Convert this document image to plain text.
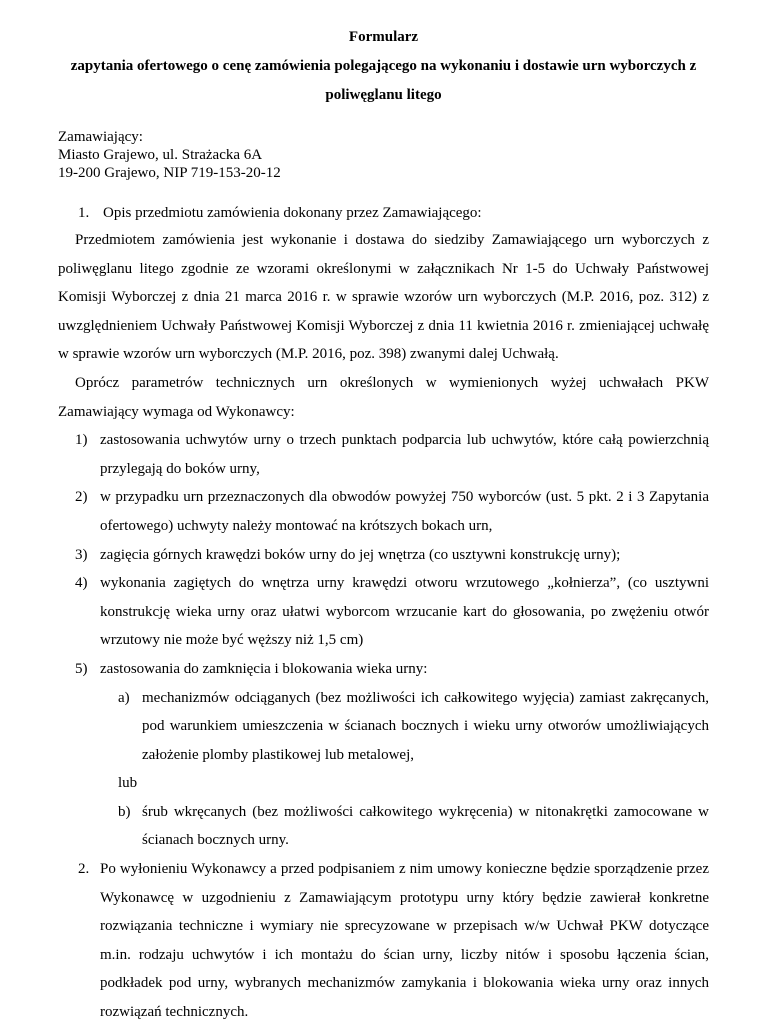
Formularz
zapytania ofertowego o cenę zamówienia polegającego na wykonaniu i dostawie urn wyborczych z
poliwęglanu litego
Zamawiający:
Miasto Grajewo, ul. Strażacka 6A
19-200 Grajewo, NIP 719-153-20-12
1. Opis przedmiotu zamówienia dokonany przez Zamawiającego:

Przedmiotem zamówienia jest wykonanie i dostawa do siedziby Zamawiającego urn wyborczych z poliwęglanu litego zgodnie ze wzorami określonymi w załącznikach Nr 1-5 do Uchwały Państwowej Komisji Wyborczej z dnia 21 marca 2016 r. w sprawie wzorów urn wyborczych (M.P. 2016, poz. 312) z uwzględnieniem Uchwały Państwowej Komisji Wyborczej z dnia 11 kwietnia 2016 r. zmieniającej uchwałę w sprawie wzorów urn wyborczych (M.P. 2016, poz. 398) zwanymi dalej Uchwałą.

Oprócz parametrów technicznych urn określonych w wymienionych wyżej uchwałach PKW Zamawiający wymaga od Wykonawcy:

1) zastosowania uchwytów urny o trzech punktach podparcia lub uchwytów, które całą powierzchnią przylegają do boków urny,
2) w przypadku urn przeznaczonych dla obwodów powyżej 750 wyborców (ust. 5 pkt. 2 i 3 Zapytania ofertowego) uchwyty należy montować na krótszych bokach urn,
3) zagięcia górnych krawędzi boków urny do jej wnętrza (co usztywni konstrukcję urny);
4) wykonania zagiętych do wnętrza urny krawędzi otworu wrzutowego „kołnierza”, (co usztywni konstrukcję wieka urny oraz ułatwi wyborcom wrzucanie kart do głosowania, po zwężeniu otwór wrzutowy nie może być węższy niż 1,5 cm)
5) zastosowania do zamknięcia i blokowania wieka urny:
a) mechanizmów odciąganych (bez możliwości ich całkowitego wyjęcia) zamiast zakręcanych, pod warunkiem umieszczenia w ścianach bocznych i wieku urny otworów umożliwiających założenie plomby plastikowej lub metalowej,
lub
b) śrub wkręcanych (bez możliwości całkowitego wykręcenia) w nitonakrętki zamocowane w ścianach bocznych urny.
2. Po wyłonieniu Wykonawcy a przed podpisaniem z nim umowy konieczne będzie sporządzenie przez Wykonawcę w uzgodnieniu z Zamawiającym prototypu urny który będzie zawierał konkretne rozwiązania techniczne i wymiary nie sprecyzowane w przepisach w/w Uchwał PKW dotyczące m.in. rodzaju uchwytów i ich montażu do ścian urny, liczby nitów i sposobu łączenia ścian, podkładek pod urny, wybranych mechanizmów zamykania i blokowania wieka urny oraz innych rozwiązań technicznych.
